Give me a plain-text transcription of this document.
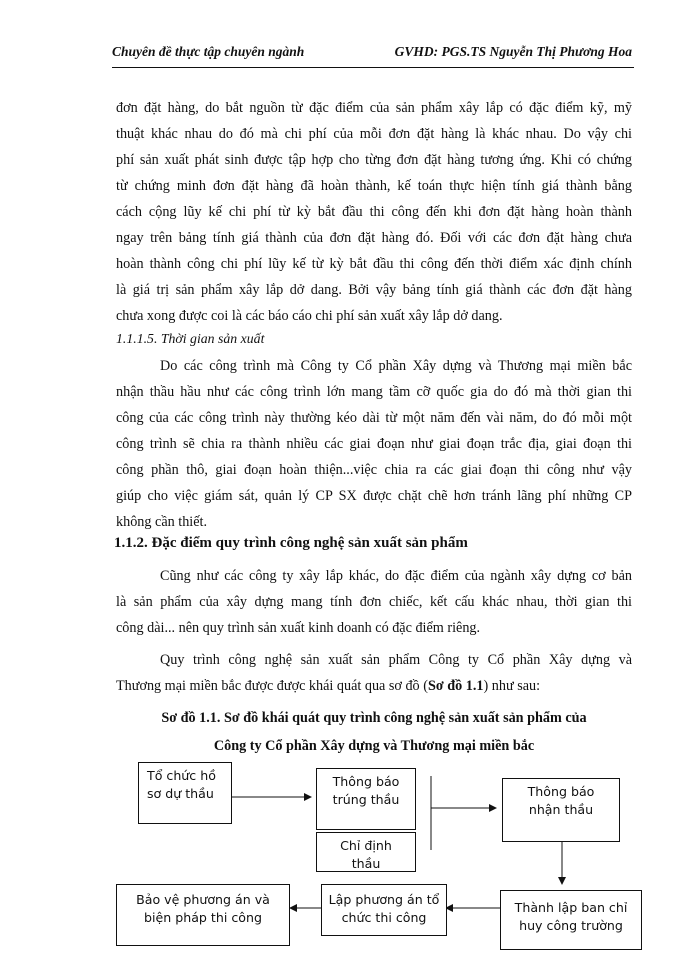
Chuyên đề thực tập chuyên ngành	GVHD: PGS.TS Nguyễn Thị Phương Hoa
đơn đặt hàng, do bắt nguồn từ đặc điểm của sản phẩm xây lắp có đặc điểm kỹ, mỹ
thuật khác nhau do đó mà chi phí của mỗi đơn đặt hàng là khác nhau. Do vậy chi
phí sản xuất phát sinh được tập hợp cho từng đơn đặt hàng tương ứng. Khi có chứng
từ chứng minh đơn đặt hàng đã hoàn thành, kế toán thực hiện tính giá thành bằng
cách cộng lũy kế chi phí từ kỳ bắt đầu thi công đến khi đơn đặt hàng hoàn thành
ngay trên bảng tính giá thành của đơn đặt hàng đó. Đối với các đơn đặt hàng chưa
hoàn thành công chi phí lũy kế từ kỳ bắt đầu thi công đến thời điểm xác định chính
là giá trị sản phẩm xây lắp dở dang. Bởi vậy bảng tính giá thành các đơn đặt hàng
chưa xong được coi là các báo cáo chi phí sản xuất xây lắp dở dang.
1.1.1.5. Thời gian sản xuất
Do các công trình mà Công ty Cổ phần Xây dựng và Thương mại miền bắc
nhận thầu hầu như các công trình lớn mang tầm cỡ quốc gia do đó mà thời gian thi
công của các công trình này thường kéo dài từ một năm đến vài năm, do đó mỗi một
công trình sẽ chia ra thành nhiều các giai đoạn như giai đoạn trắc địa, giai đoạn thi
công phần thô, giai đoạn hoàn thiện...việc chia ra các giai đoạn thi công như vậy
giúp cho việc giám sát, quản lý CP SX được chặt chẽ hơn tránh lãng phí những CP
không cần thiết.
1.1.2. Đặc điểm quy trình công nghệ sản xuất sản phẩm
Cũng như các công ty xây lắp khác, do đặc điểm của ngành xây dựng cơ bản
là sản phẩm của xây dựng mang tính đơn chiếc, kết cấu khác nhau, thời gian thi
công dài... nên quy trình sản xuất kinh doanh có đặc điểm riêng.
Quy trình công nghệ sản xuất sản phẩm Công ty Cổ phần Xây dựng và
Thương mại miền bắc được được khái quát qua sơ đồ (Sơ đồ 1.1) như sau:
Sơ đồ 1.1. Sơ đồ khái quát quy trình công nghệ sản xuất sản phẩm của
Công ty Cổ phần Xây dựng và Thương mại miền bắc
Tổ chức hồ
sơ dự thầu
Thông báo
trúng thầu
Chỉ định
thầu
Thông báo
nhận thầu
Thành lập ban chỉ
huy công trường
Lập phương án tổ
chức thi công
Bảo vệ phương án và
biện pháp thi công
